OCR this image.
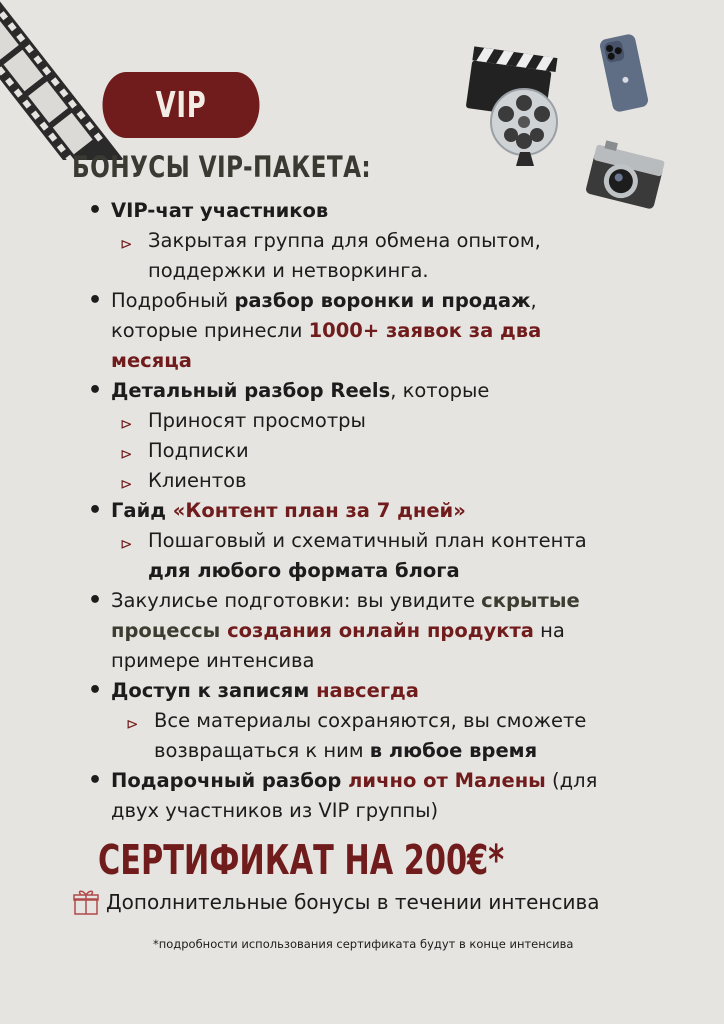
VIP
БОНУСЫ VIP-ПАКЕТА:
• VIP-чат участников
⊳ Закрытая группа для обмена опытом,
поддержки и нетворкинга.
• Подробный разбор воронки и продаж,
которые принесли 1000+ заявок за два
месяца
• Детальный разбор Reels, которые
⊳ Приносят просмотры
⊳ Подписки
⊳ Клиентов
• Гайд «Контент план за 7 дней»
⊳ Пошаговый и схематичный план контента
для любого формата блога
• Закулисье подготовки: вы увидите скрытые
процессы создания онлайн продукта на
примере интенсива
• Доступ к записям навсегда
⊳ Все материалы сохраняются, вы сможете
возвращаться к ним в любое время
• Подарочный разбор лично от Малены (для
двух участников из VIP группы)
СЕРТИФИКАТ НА 200€*
Дополнительные бонусы в течении интенсива
*подробности использования сертификата будут в конце интенсива
